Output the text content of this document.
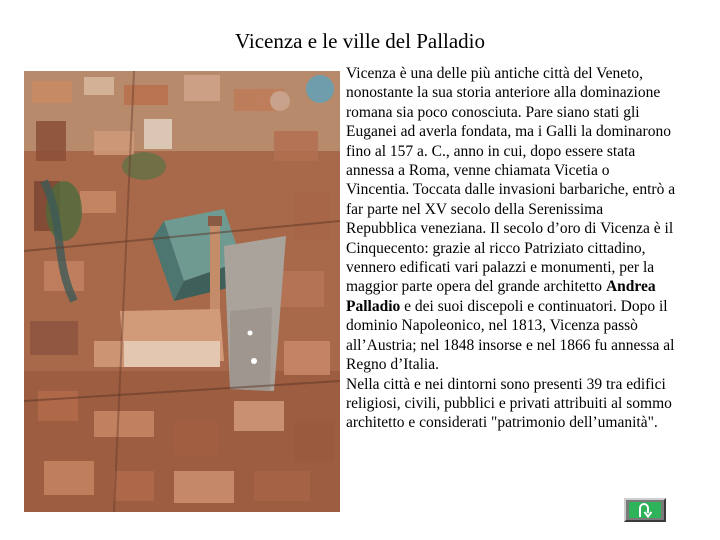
Vicenza e le ville del Palladio

Vicenza è una delle più antiche città del Veneto, nonostante la sua storia anteriore alla dominazione romana sia poco conosciuta. Pare siano stati gli Euganei ad averla fondata, ma i Galli la dominarono fino al 157 a. C., anno in cui, dopo essere stata annessa a Roma, venne chiamata Vicetia o Vincentia. Toccata dalle invasioni barbariche, entrò a far parte nel XV secolo della Serenissima Repubblica veneziana. Il secolo d’oro di Vicenza è il Cinquecento: grazie al ricco Patriziato cittadino, vennero edificati vari palazzi e monumenti, per la maggior parte opera del grande architetto Andrea Palladio e dei suoi discepoli e continuatori. Dopo il dominio Napoleonico, nel 1813, Vicenza passò all’Austria; nel 1848 insorse e nel 1866 fu annessa al Regno d’Italia.

Nella città e nei dintorni sono presenti 39 tra edifici religiosi, civili, pubblici e privati attribuiti al sommo architetto e considerati "patrimonio dell’umanità".
